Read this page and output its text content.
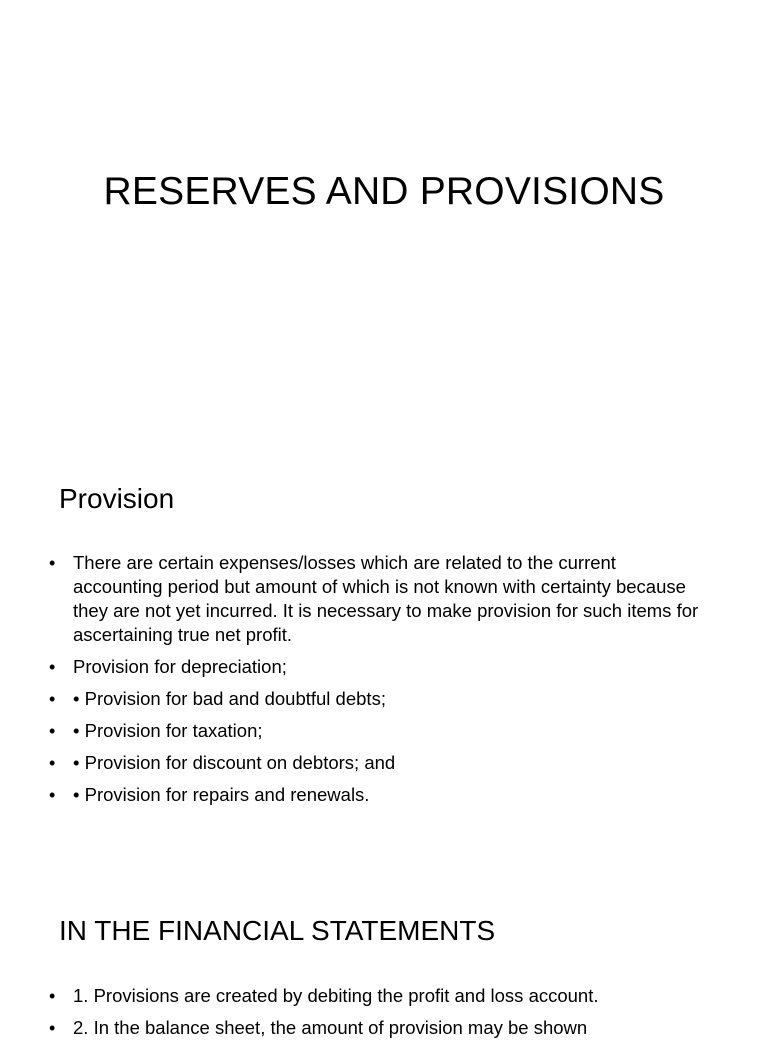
RESERVES AND PROVISIONS
Provision
• There are certain expenses/losses which are related to the current accounting period but amount of which is not known with certainty because they are not yet incurred. It is necessary to make provision for such items for ascertaining true net profit.
• Provision for depreciation;
• • Provision for bad and doubtful debts;
• • Provision for taxation;
• • Provision for discount on debtors; and
• • Provision for repairs and renewals.
IN THE FINANCIAL STATEMENTS
• 1. Provisions are created by debiting the profit and loss account.
• 2. In the balance sheet, the amount of provision may be shown
